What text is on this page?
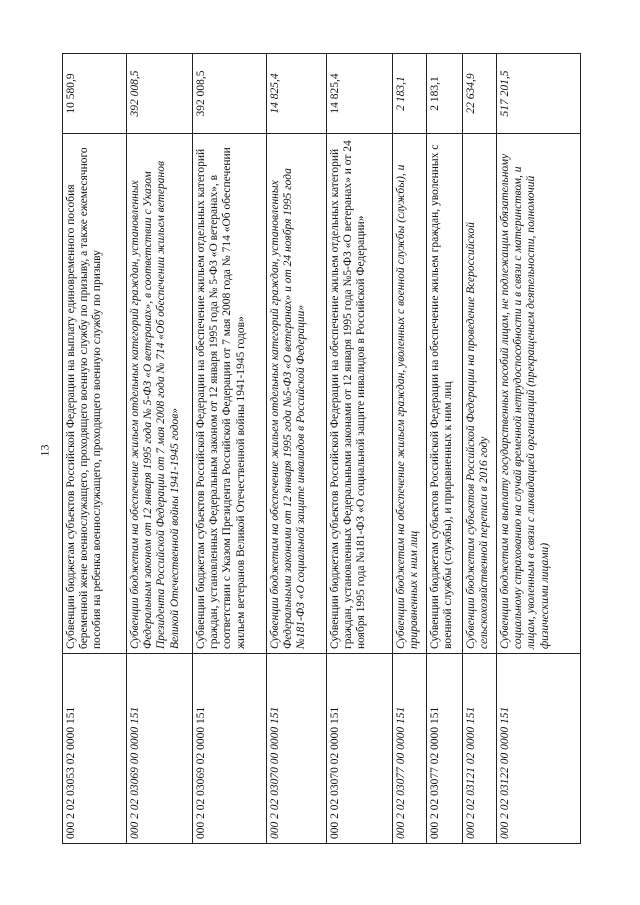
13
000 2 02 03053 02 0000 151	Субвенции бюджетам субъектов Российской Федерации на выплату единовременного пособия беременной жене военнослужащего, проходящего военную службу по призыву, а также ежемесячного пособия на ребенка военнослужащего, проходящего военную службу по призыву	10 580,9
000 2 02 03069 00 0000 151	Субвенции бюджетам на обеспечение жильем отдельных категорий граждан, установленных Федеральным законом от 12 января 1995 года № 5-ФЗ «О ветеранах», в соответствии с Указом Президента Российской Федерации от 7 мая 2008 года № 714 «Об обеспечении жильем ветеранов Великой Отечественной войны 1941-1945 годов»	392 008,5
000 2 02 03069 02 0000 151	Субвенции бюджетам субъектов Российской Федерации на обеспечение жильем отдельных категорий граждан, установленных Федеральным законом от 12 января 1995 года № 5-ФЗ «О ветеранах», в соответствии с Указом Президента Российской Федерации от 7 мая 2008 года № 714 «Об обеспечении жильем ветеранов Великой Отечественной войны 1941-1945 годов»	392 008,5
000 2 02 03070 00 0000 151	Субвенции бюджетам на обеспечение жильем отдельных категорий граждан, установленных Федеральными законами от 12 января 1995 года №5-ФЗ «О ветеранах» и от 24 ноября 1995 года №181-ФЗ «О социальной защите инвалидов в Российской Федерации»	14 825,4
000 2 02 03070 02 0000 151	Субвенции бюджетам субъектов Российской Федерации на обеспечение жильем отдельных категорий граждан, установленных Федеральными законами от 12 января 1995 года №5-ФЗ «О ветеранах» и от 24 ноября 1995 года №181-ФЗ «О социальной защите инвалидов в Российской Федерации»	14 825,4
000 2 02 03077 00 0000 151	Субвенции бюджетам на обеспечение жильем граждан, уволенных с военной службы (службы), и приравненных к ним лиц	2 183,1
000 2 02 03077 02 0000 151	Субвенции бюджетам субъектов Российской Федерации на обеспечение жильем граждан, уволенных с военной службы (службы), и приравненных к ним лиц	2 183,1
000 2 02 03121 02 0000 151	Субвенции бюджетам субъектов Российской Федерации на проведение Всероссийской сельскохозяйственной переписи в 2016 году	22 634,9
000 2 02 03122 00 0000 151	Субвенции бюджетам на выплату государственных пособий лицам, не подлежащим обязательному социальному страхованию на случай временной нетрудоспособности и в связи с материнством, и лицам, уволенным в связи с ликвидацией организаций (прекращением деятельности, полномочий физическими лицами)	517 201,5
